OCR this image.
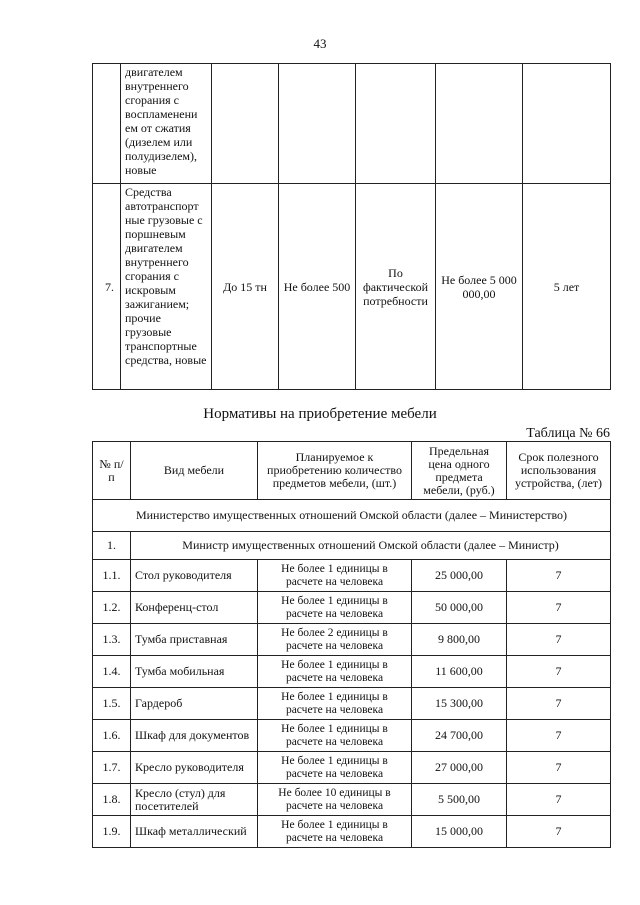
43
	двигателем внутреннего сгорания с воспламенени ем от сжатия (дизелем или полудизелем), новые					
7.	Средства автотранспорт ные грузовые с поршневым двигателем внутреннего сгорания с искровым зажиганием; прочие грузовые транспортные средства, новые	До 15 тн	Не более 500	По фактической потребности	Не более 5 000 000,00	5 лет
Нормативы на приобретение мебели
Таблица № 66
№ п/п	Вид мебели	Планируемое к приобретению количество предметов мебели, (шт.)	Предельная цена одного предмета мебели, (руб.)	Срок полезного использования устройства, (лет)
Министерство имущественных отношений Омской области (далее – Министерство)				
1.	Министр имущественных отношений Омской области (далее – Министр)			
1.1.	Стол руководителя	Не более 1 единицы в расчете на человека	25 000,00	7
1.2.	Конференц-стол	Не более 1 единицы в расчете на человека	50 000,00	7
1.3.	Тумба приставная	Не более 2 единицы в расчете на человека	9 800,00	7
1.4.	Тумба мобильная	Не более 1 единицы в расчете на человека	11 600,00	7
1.5.	Гардероб	Не более 1 единицы в расчете на человека	15 300,00	7
1.6.	Шкаф для документов	Не более 1 единицы в расчете на человека	24 700,00	7
1.7.	Кресло руководителя	Не более 1 единицы в расчете на человека	27 000,00	7
1.8.	Кресло (стул) для посетителей	Не более 10 единицы в расчете на человека	5 500,00	7
1.9.	Шкаф металлический	Не более 1 единицы в расчете на человека	15 000,00	7
